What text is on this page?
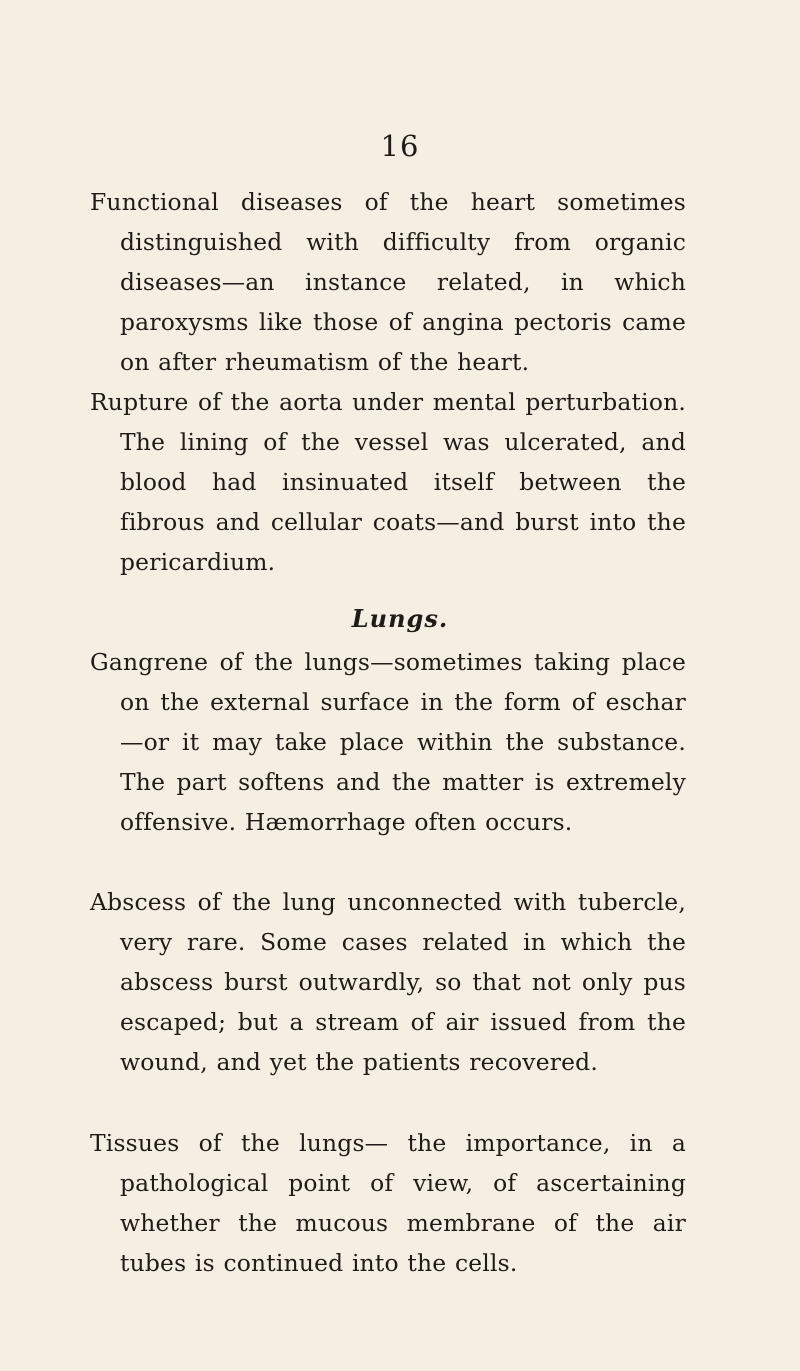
16

Functional diseases of the heart sometimes distinguished with difficulty from organic diseases—an instance related, in which paroxysms like those of angina pectoris came on after rheumatism of the heart.

Rupture of the aorta under mental perturbation. The lining of the vessel was ulcerated, and blood had insinuated itself between the fibrous and cellular coats—and burst into the pericardium.

Lungs.

Gangrene of the lungs—sometimes taking place on the external surface in the form of eschar—or it may take place within the substance. The part softens and the matter is extremely offensive. Hæmorrhage often occurs.

Abscess of the lung unconnected with tubercle, very rare. Some cases related in which the abscess burst outwardly, so that not only pus escaped; but a stream of air issued from the wound, and yet the patients recovered.

Tissues of the lungs— the importance, in a pathological point of view, of ascertaining whether the mucous membrane of the air tubes is continued into the cells.
